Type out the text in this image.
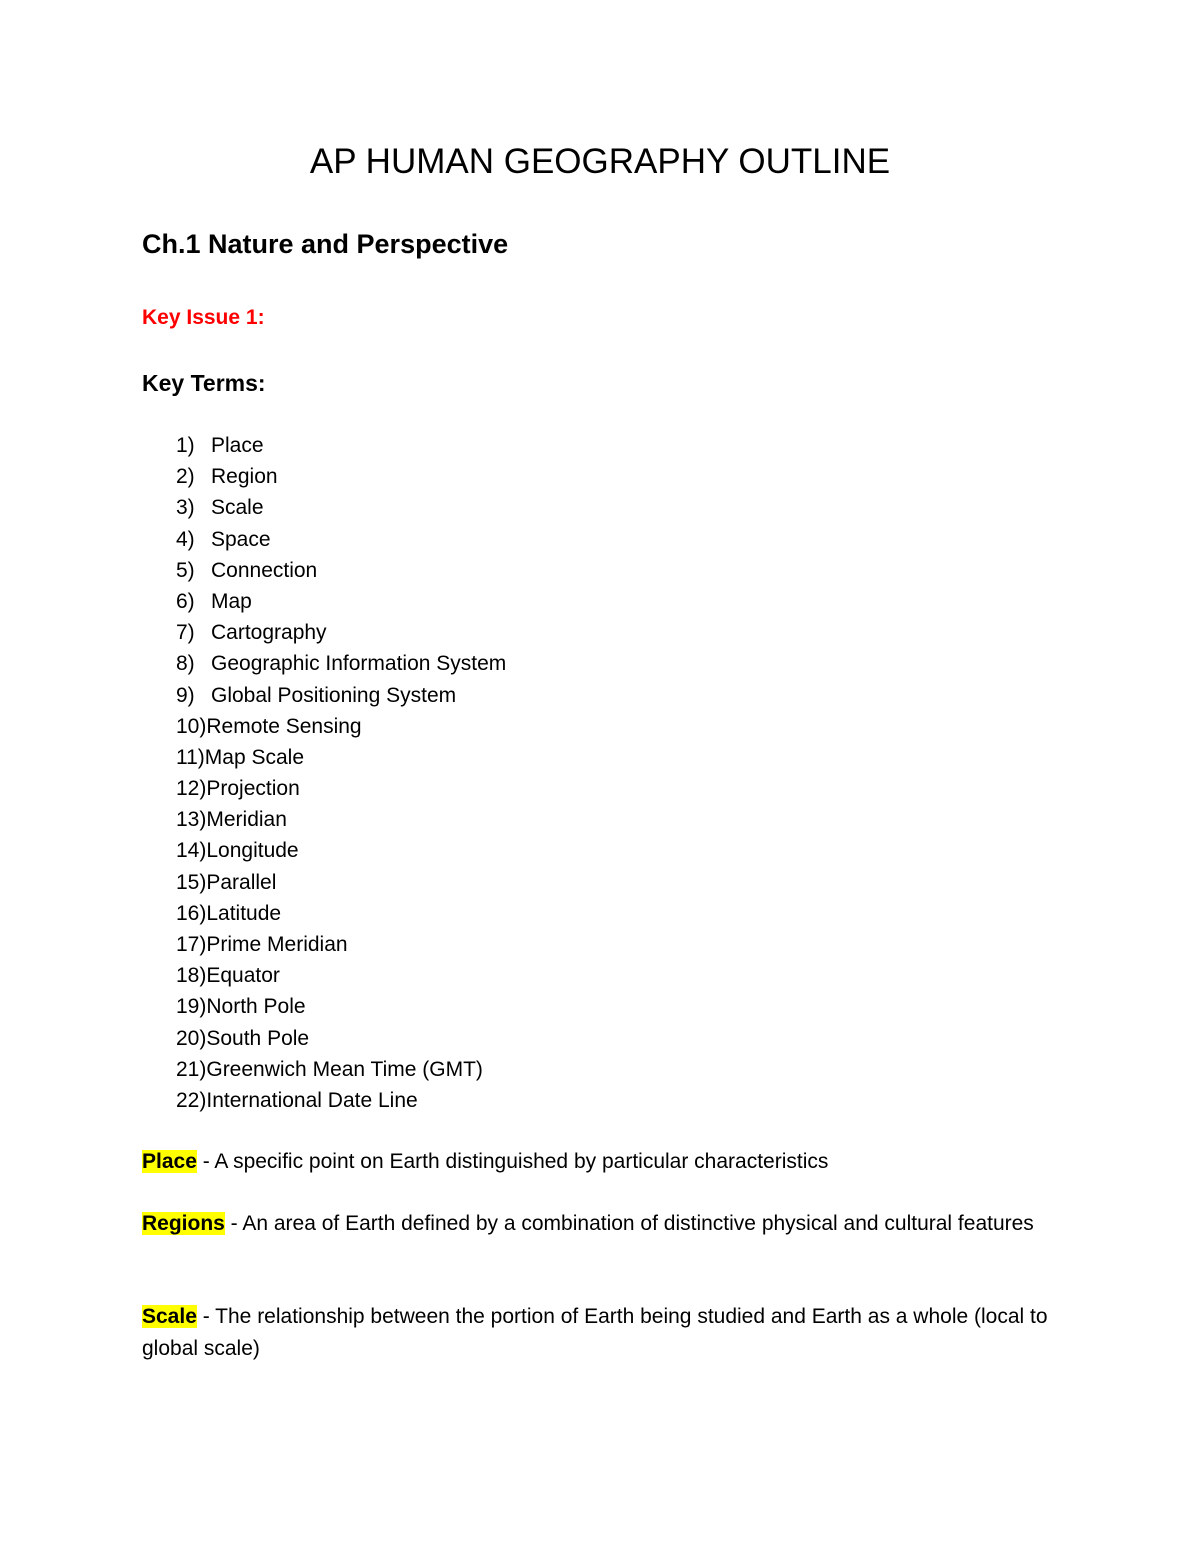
AP HUMAN GEOGRAPHY OUTLINE
Ch.1 Nature and Perspective
Key Issue 1:
Key Terms:
1) Place
2) Region
3) Scale
4) Space
5) Connection
6) Map
7) Cartography
8) Geographic Information System
9) Global Positioning System
10)Remote Sensing
11)Map Scale
12)Projection
13)Meridian
14)Longitude
15)Parallel
16)Latitude
17)Prime Meridian
18)Equator
19)North Pole
20)South Pole
21)Greenwich Mean Time (GMT)
22)International Date Line

Place - A specific point on Earth distinguished by particular characteristics

Regions - An area of Earth defined by a combination of distinctive physical and cultural features

Scale - The relationship between the portion of Earth being studied and Earth as a whole (local to global scale)
